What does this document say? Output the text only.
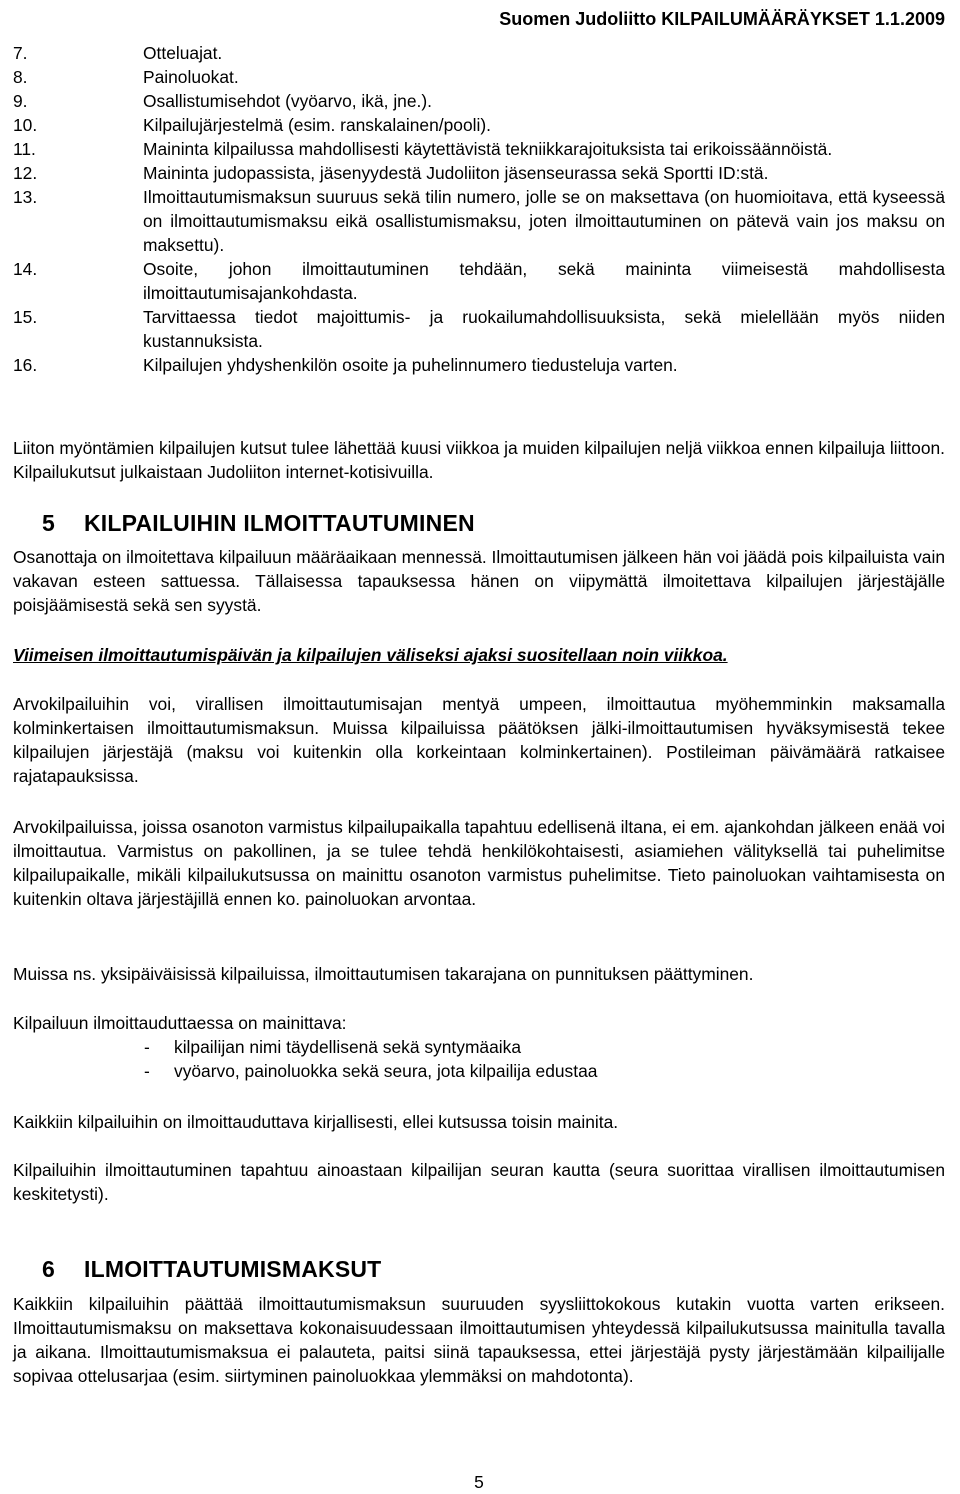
Suomen Judoliitto KILPAILUMÄÄRÄYKSET 1.1.2009
7.	Otteluajat.
8.	Painoluokat.
9.	Osallistumisehdot (vyöarvo, ikä, jne.).
10.	Kilpailujärjestelmä (esim. ranskalainen/pooli).
11.	Maininta kilpailussa mahdollisesti käytettävistä tekniikkarajoituksista tai erikoissäännöistä.
12.	Maininta judopassista, jäsenyydestä Judoliiton jäsenseurassa sekä Sportti ID:stä.
13.	Ilmoittautumismaksun suuruus sekä tilin numero, jolle se on maksettava (on huomioitava, että kyseessä on ilmoittautumismaksu eikä osallistumismaksu, joten ilmoittautuminen on pätevä vain jos maksu on maksettu).
14.	Osoite, johon ilmoittautuminen tehdään, sekä maininta viimeisestä mahdollisesta ilmoittautumisajankohdasta.
15.	Tarvittaessa tiedot majoittumis- ja ruokailumahdollisuuksista, sekä mielellään myös niiden kustannuksista.
16.	Kilpailujen yhdyshenkilön osoite ja puhelinnumero tiedusteluja varten.

Liiton myöntämien kilpailujen kutsut tulee lähettää kuusi viikkoa ja muiden kilpailujen neljä viikkoa ennen kilpailuja liittoon. Kilpailukutsut julkaistaan Judoliiton internet-kotisivuilla.

5	KILPAILUIHIN ILMOITTAUTUMINEN

Osanottaja on ilmoitettava kilpailuun määräaikaan mennessä. Ilmoittautumisen jälkeen hän voi jäädä pois kilpailuista vain vakavan esteen sattuessa. Tällaisessa tapauksessa hänen on viipymättä ilmoitettava kilpailujen järjestäjälle poisjäämisestä sekä sen syystä.

Viimeisen ilmoittautumispäivän ja kilpailujen väliseksi ajaksi suositellaan noin viikkoa.

Arvokilpailuihin voi, virallisen ilmoittautumisajan mentyä umpeen, ilmoittautua myöhemminkin maksamalla kolminkertaisen ilmoittautumismaksun. Muissa kilpailuissa päätöksen jälki-ilmoittautumisen hyväksymisestä tekee kilpailujen järjestäjä (maksu voi kuitenkin olla korkeintaan kolminkertainen). Postileiman päivämäärä ratkaisee rajatapauksissa.

Arvokilpailuissa, joissa osanoton varmistus kilpailupaikalla tapahtuu edellisenä iltana, ei em. ajankohdan jälkeen enää voi ilmoittautua. Varmistus on pakollinen, ja se tulee tehdä henkilökohtaisesti, asiamiehen välityksellä tai puhelimitse kilpailupaikalle, mikäli kilpailukutsussa on mainittu osanoton varmistus puhelimitse. Tieto painoluokan vaihtamisesta on kuitenkin oltava järjestäjillä ennen ko. painoluokan arvontaa.

Muissa ns. yksipäiväisissä kilpailuissa, ilmoittautumisen takarajana on punnituksen päättyminen.

Kilpailuun ilmoittauduttaessa on mainittava:

-	kilpailijan nimi täydellisenä sekä syntymäaika
-	vyöarvo, painoluokka sekä seura, jota kilpailija edustaa

Kaikkiin kilpailuihin on ilmoittauduttava kirjallisesti, ellei kutsussa toisin mainita.

Kilpailuihin ilmoittautuminen tapahtuu ainoastaan kilpailijan seuran kautta (seura suorittaa virallisen ilmoittautumisen keskitetysti).

6	ILMOITTAUTUMISMAKSUT

Kaikkiin kilpailuihin päättää ilmoittautumismaksun suuruuden syysliittokokous kutakin vuotta varten erikseen. Ilmoittautumismaksu on maksettava kokonaisuudessaan ilmoittautumisen yhteydessä kilpailukutsussa mainitulla tavalla ja aikana. Ilmoittautumismaksua ei palauteta, paitsi siinä tapauksessa, ettei järjestäjä pysty järjestämään kilpailijalle sopivaa ottelusarjaa (esim. siirtyminen painoluokkaa ylemmäksi on mahdotonta).

5
